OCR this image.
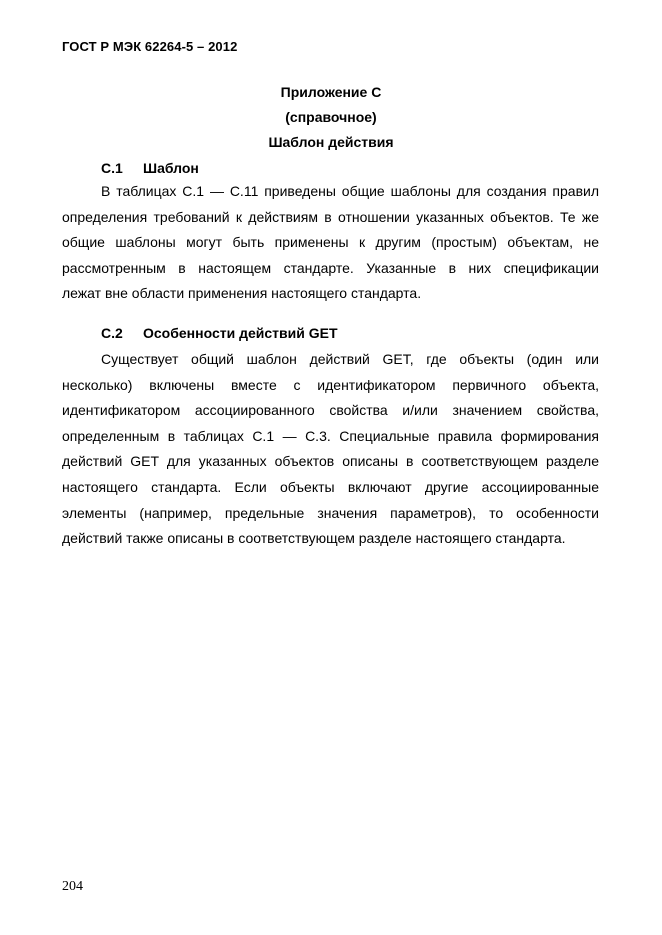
ГОСТ Р МЭК 62264-5 – 2012
Приложение С
(справочное)
Шаблон действия
С.1 Шаблон
В таблицах С.1 — С.11 приведены общие шаблоны для создания правил
определения требований к действиям в отношении указанных объектов. Те же
общие шаблоны могут быть применены к другим (простым) объектам, не
рассмотренным в настоящем стандарте. Указанные в них спецификации
лежат вне области применения настоящего стандарта.
С.2 Особенности действий GET
Существует общий шаблон действий GET, где объекты (один или
несколько) включены вместе с идентификатором первичного объекта,
идентификатором ассоциированного свойства и/или значением свойства,
определенным в таблицах С.1 — С.3. Специальные правила формирования
действий GET для указанных объектов описаны в соответствующем разделе
настоящего стандарта. Если объекты включают другие ассоциированные
элементы (например, предельные значения параметров), то особенности
действий также описаны в соответствующем разделе настоящего стандарта.
204
